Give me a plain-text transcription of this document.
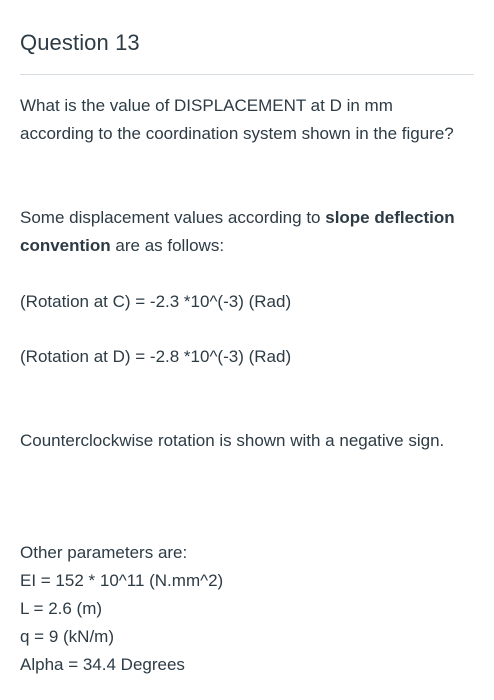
Question 13

What is the value of DISPLACEMENT at D in mm according to the coordination system shown in the figure?

Some displacement values according to slope deflection convention are as follows:

(Rotation at C) = -2.3 *10^(-3) (Rad)

(Rotation at D) = -2.8 *10^(-3) (Rad)

Counterclockwise rotation is shown with a negative sign.

Other parameters are:
EI = 152 * 10^11 (N.mm^2)
L = 2.6 (m)
q = 9 (kN/m)
Alpha = 34.4 Degrees
